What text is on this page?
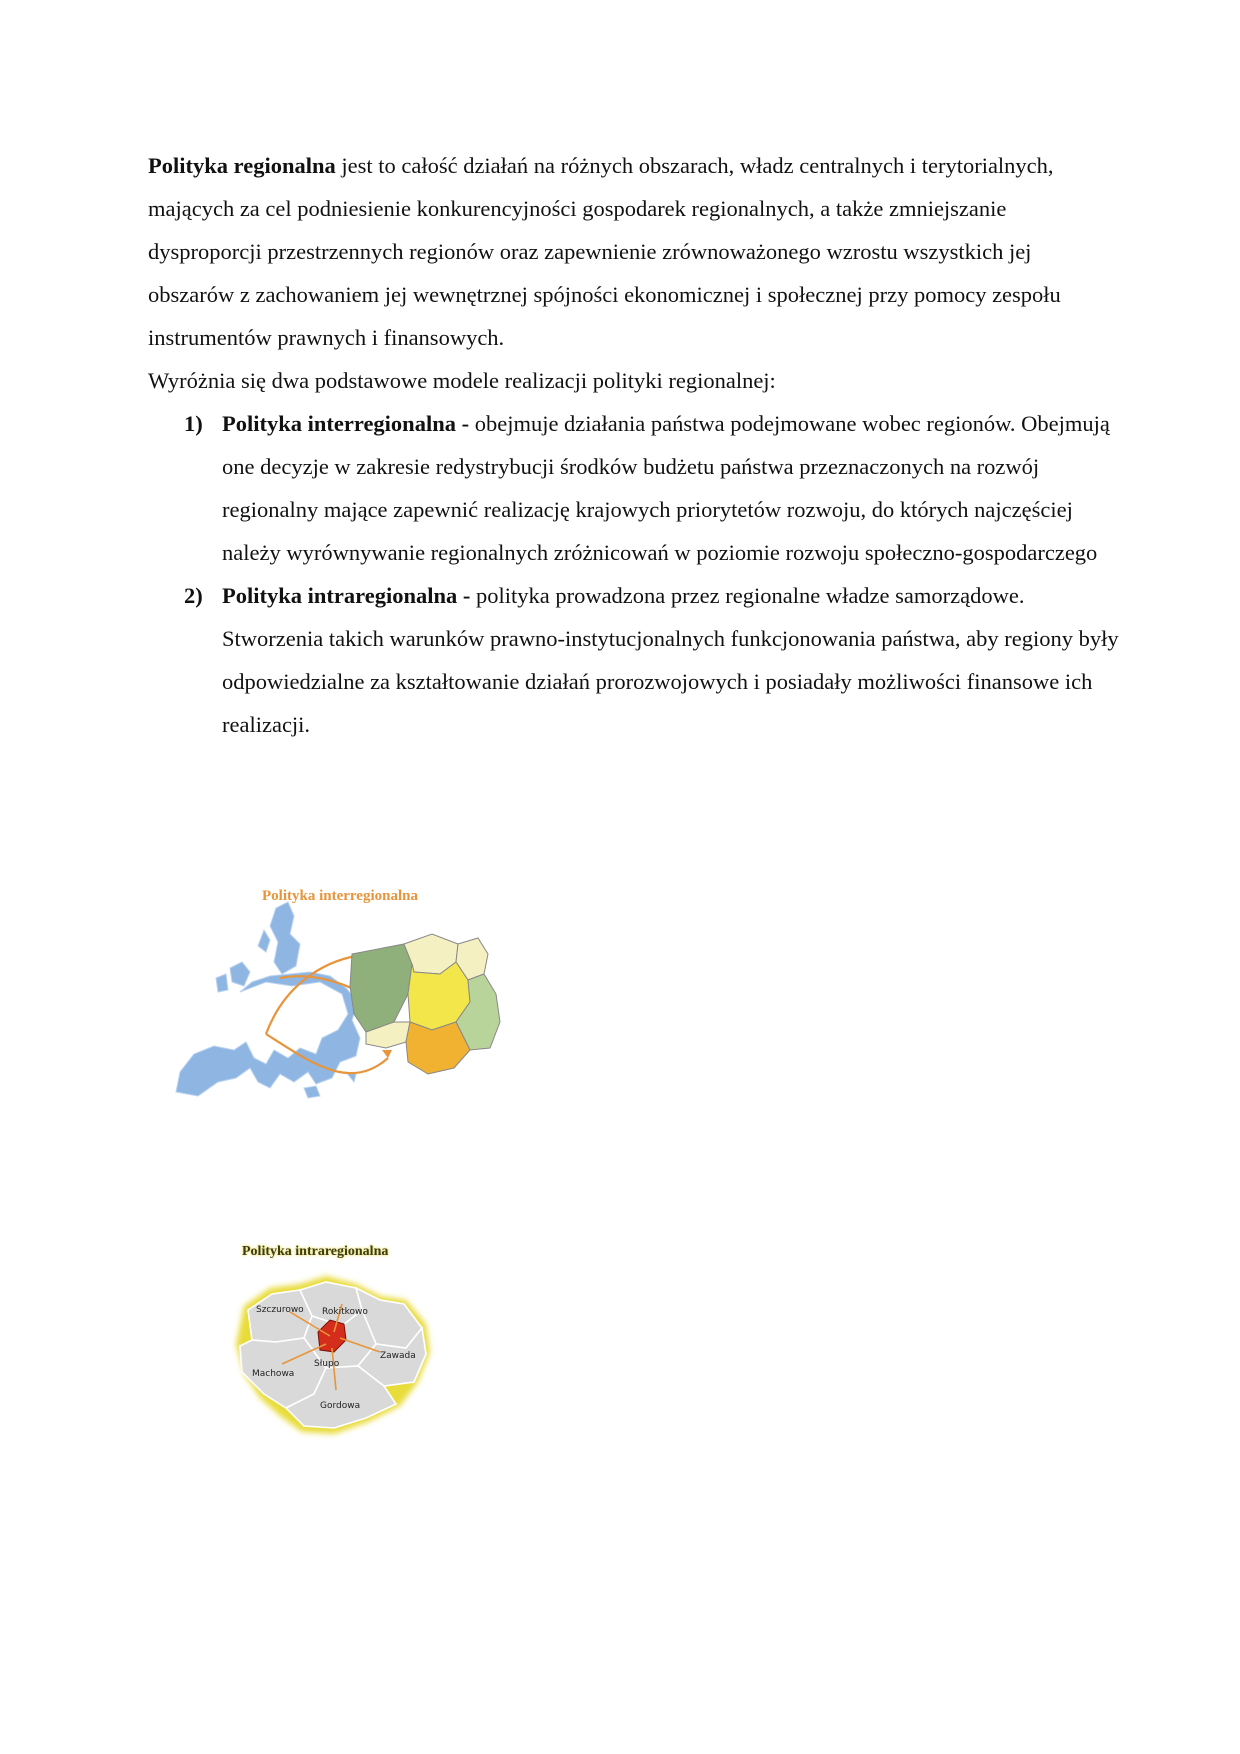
Polityka regionalna jest to całość działań na różnych obszarach, władz centralnych i terytorialnych, mających za cel podniesienie konkurencyjności gospodarek regionalnych, a także zmniejszanie dysproporcji przestrzennych regionów oraz zapewnienie zrównoważonego wzrostu wszystkich jej obszarów z zachowaniem jej wewnętrznej spójności ekonomicznej i społecznej przy pomocy zespołu instrumentów prawnych i finansowych.

Wyróżnia się dwa podstawowe modele realizacji polityki regionalnej:

1) Polityka interregionalna - obejmuje działania państwa podejmowane wobec regionów. Obejmują one decyzje w zakresie redystrybucji środków budżetu państwa przeznaczonych na rozwój regionalny mające zapewnić realizację krajowych priorytetów rozwoju, do których najczęściej należy wyrównywanie regionalnych zróżnicowań w poziomie rozwoju społeczno-gospodarczego
2) Polityka intraregionalna - polityka prowadzona przez regionalne władze samorządowe. Stworzenia takich warunków prawno-instytucjonalnych funkcjonowania państwa, aby regiony były odpowiedzialne za kształtowanie działań prorozwojowych i posiadały możliwości finansowe ich realizacji.
Polityka interregionalna
Szczurowo Rokitkowo
Słupo
Zawada
Machowa
Gordowa
Polityka intraregionalna
